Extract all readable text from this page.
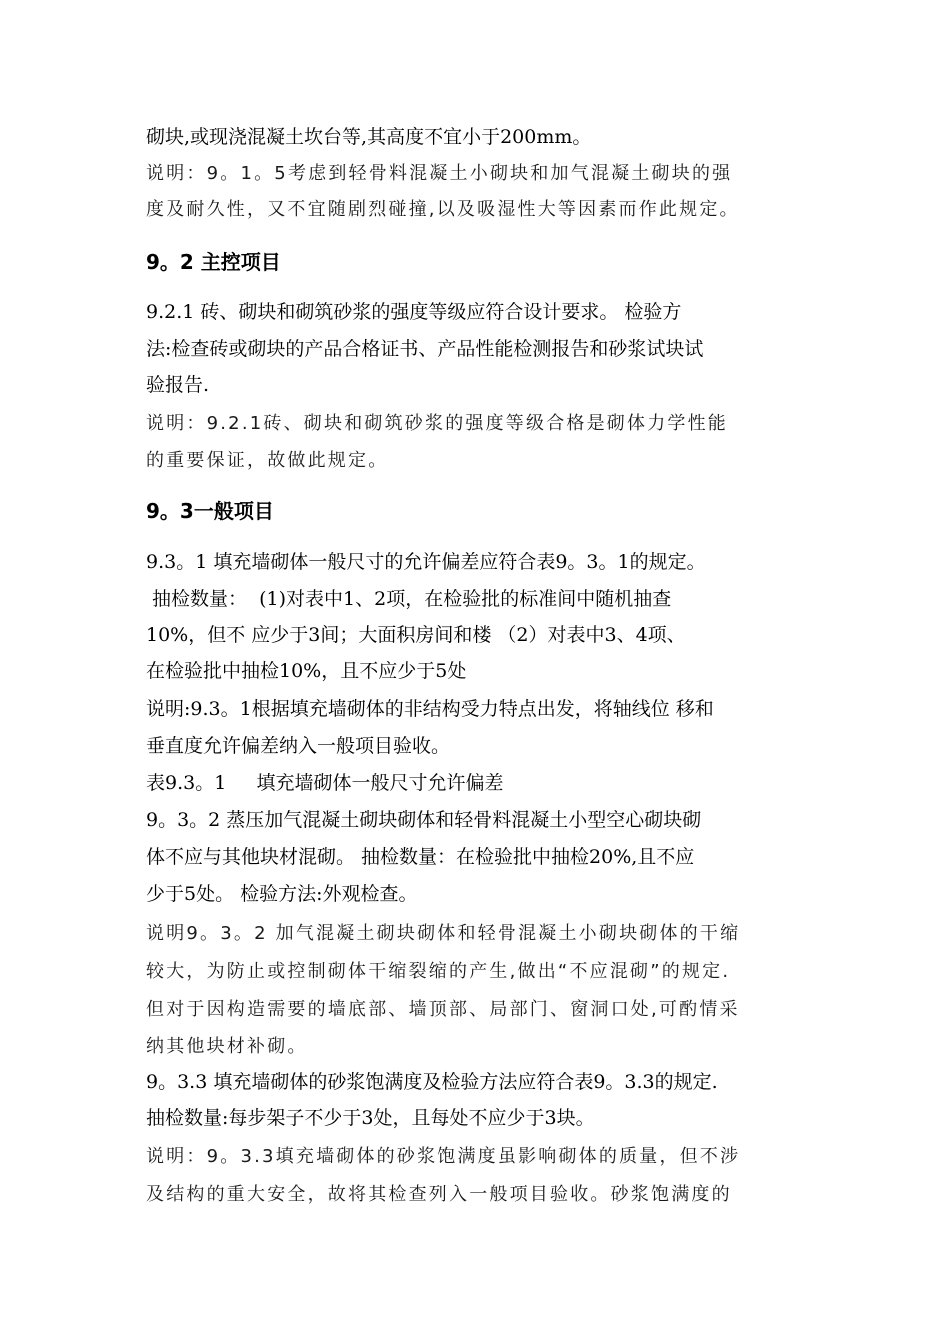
砌块,或现浇混凝土坎台等,其高度不宜小于200mm。

说明：9。1。5考虑到轻骨料混凝土小砌块和加气混凝土砌块的强

度及耐久性，又不宜随剧烈碰撞,以及吸湿性大等因素而作此规定。

9。2 主控项目

9.2.1 砖、砌块和砌筑砂浆的强度等级应符合设计要求。 检验方

法:检查砖或砌块的产品合格证书、产品性能检测报告和砂浆试块试

验报告.

说明：9.2.1砖、砌块和砌筑砂浆的强度等级合格是砌体力学性能

的重要保证，故做此规定。

9。3一般项目

9.3。1 填充墙砌体一般尺寸的允许偏差应符合表9。3。1的规定。

抽检数量：  (1)对表中1、2项，在检验批的标准间中随机抽查

10%，但不 应少于3间；大面积房间和楼 （2）对表中3、4项、

在检验批中抽检10%，且不应少于5处

说明:9.3。1根据填充墙砌体的非结构受力特点出发，将轴线位 移和

垂直度允许偏差纳入一般项目验收。

表9.3。1     填充墙砌体一般尺寸允许偏差

9。3。2 蒸压加气混凝土砌块砌体和轻骨料混凝土小型空心砌块砌

体不应与其他块材混砌。 抽检数量：在检验批中抽检20%,且不应

少于5处。 检验方法:外观检查。

说明9。3。2 加气混凝土砌块砌体和轻骨混凝土小砌块砌体的干缩

较大，为防止或控制砌体干缩裂缩的产生,做出“不应混砌”的规定.

但对于因构造需要的墙底部、墙顶部、局部门、窗洞口处,可酌情采

纳其他块材补砌。

9。3.3 填充墙砌体的砂浆饱满度及检验方法应符合表9。3.3的规定.

抽检数量:每步架子不少于3处，且每处不应少于3块。

说明：9。3.3填充墙砌体的砂浆饱满度虽影响砌体的质量，但不涉

及结构的重大安全，故将其检查列入一般项目验收。砂浆饱满度的
